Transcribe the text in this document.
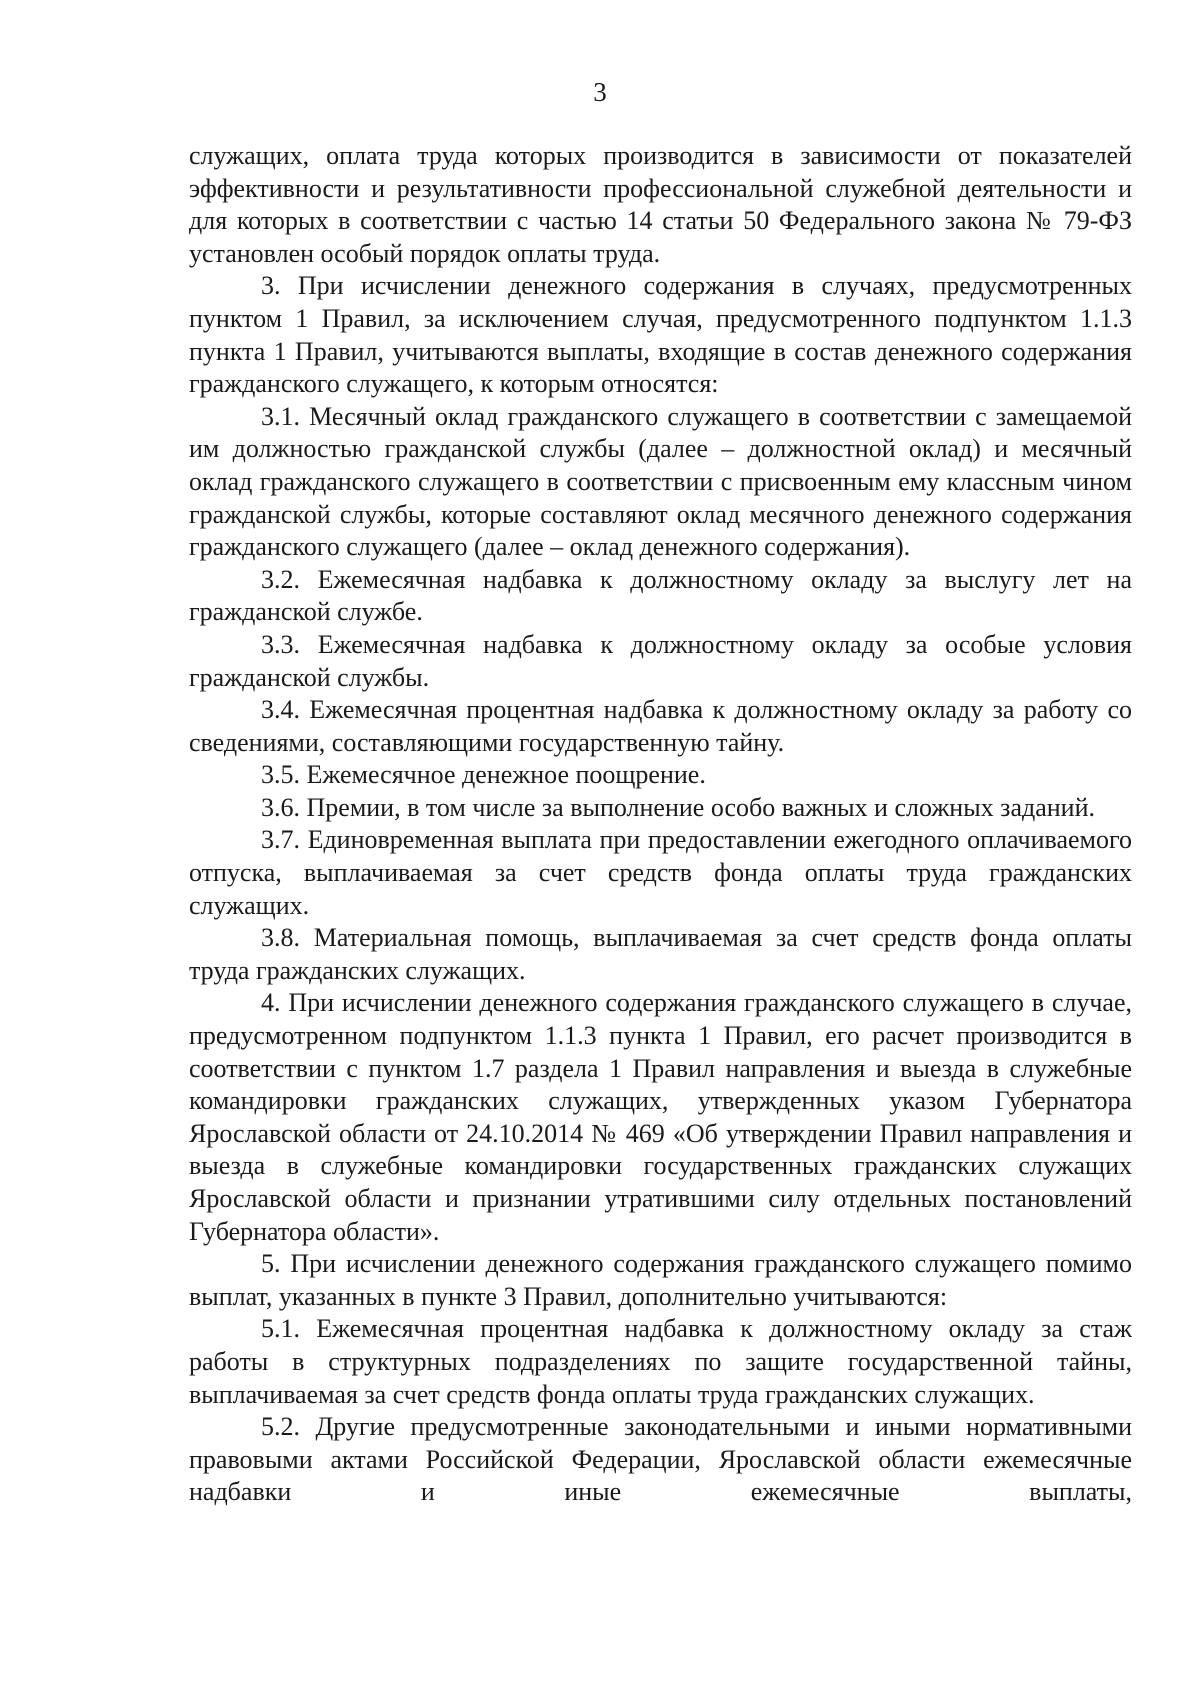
3

служащих, оплата труда которых производится в зависимости от показателей эффективности и результативности профессиональной служебной деятельности и для которых в соответствии с частью 14 статьи 50 Федерального закона № 79-ФЗ установлен особый порядок оплаты труда.

3. При исчислении денежного содержания в случаях, предусмотренных пунктом 1 Правил, за исключением случая, предусмотренного подпунктом 1.1.3 пункта 1 Правил, учитываются выплаты, входящие в состав денежного содержания гражданского служащего, к которым относятся:

3.1. Месячный оклад гражданского служащего в соответствии с замещаемой им должностью гражданской службы (далее – должностной оклад) и месячный оклад гражданского служащего в соответствии с присвоенным ему классным чином гражданской службы, которые составляют оклад месячного денежного содержания гражданского служащего (далее – оклад денежного содержания).

3.2. Ежемесячная надбавка к должностному окладу за выслугу лет на гражданской службе.

3.3. Ежемесячная надбавка к должностному окладу за особые условия гражданской службы.

3.4. Ежемесячная процентная надбавка к должностному окладу за работу со сведениями, составляющими государственную тайну.

3.5. Ежемесячное денежное поощрение.

3.6. Премии, в том числе за выполнение особо важных и сложных заданий.

3.7. Единовременная выплата при предоставлении ежегодного оплачиваемого отпуска, выплачиваемая за счет средств фонда оплаты труда гражданских служащих.

3.8. Материальная помощь, выплачиваемая за счет средств фонда оплаты труда гражданских служащих.

4. При исчислении денежного содержания гражданского служащего в случае, предусмотренном подпунктом 1.1.3 пункта 1 Правил, его расчет производится в соответствии с пунктом 1.7 раздела 1 Правил направления и выезда в служебные командировки гражданских служащих, утвержденных указом Губернатора Ярославской области от 24.10.2014 № 469 «Об утверждении Правил направления и выезда в служебные командировки государственных гражданских служащих Ярославской области и признании утратившими силу отдельных постановлений Губернатора области».

5. При исчислении денежного содержания гражданского служащего помимо выплат, указанных в пункте 3 Правил, дополнительно учитываются:

5.1. Ежемесячная процентная надбавка к должностному окладу за стаж работы в структурных подразделениях по защите государственной тайны, выплачиваемая за счет средств фонда оплаты труда гражданских служащих.

5.2. Другие предусмотренные законодательными и иными нормативными правовыми актами Российской Федерации, Ярославской области ежемесячные надбавки и иные ежемесячные выплаты,
